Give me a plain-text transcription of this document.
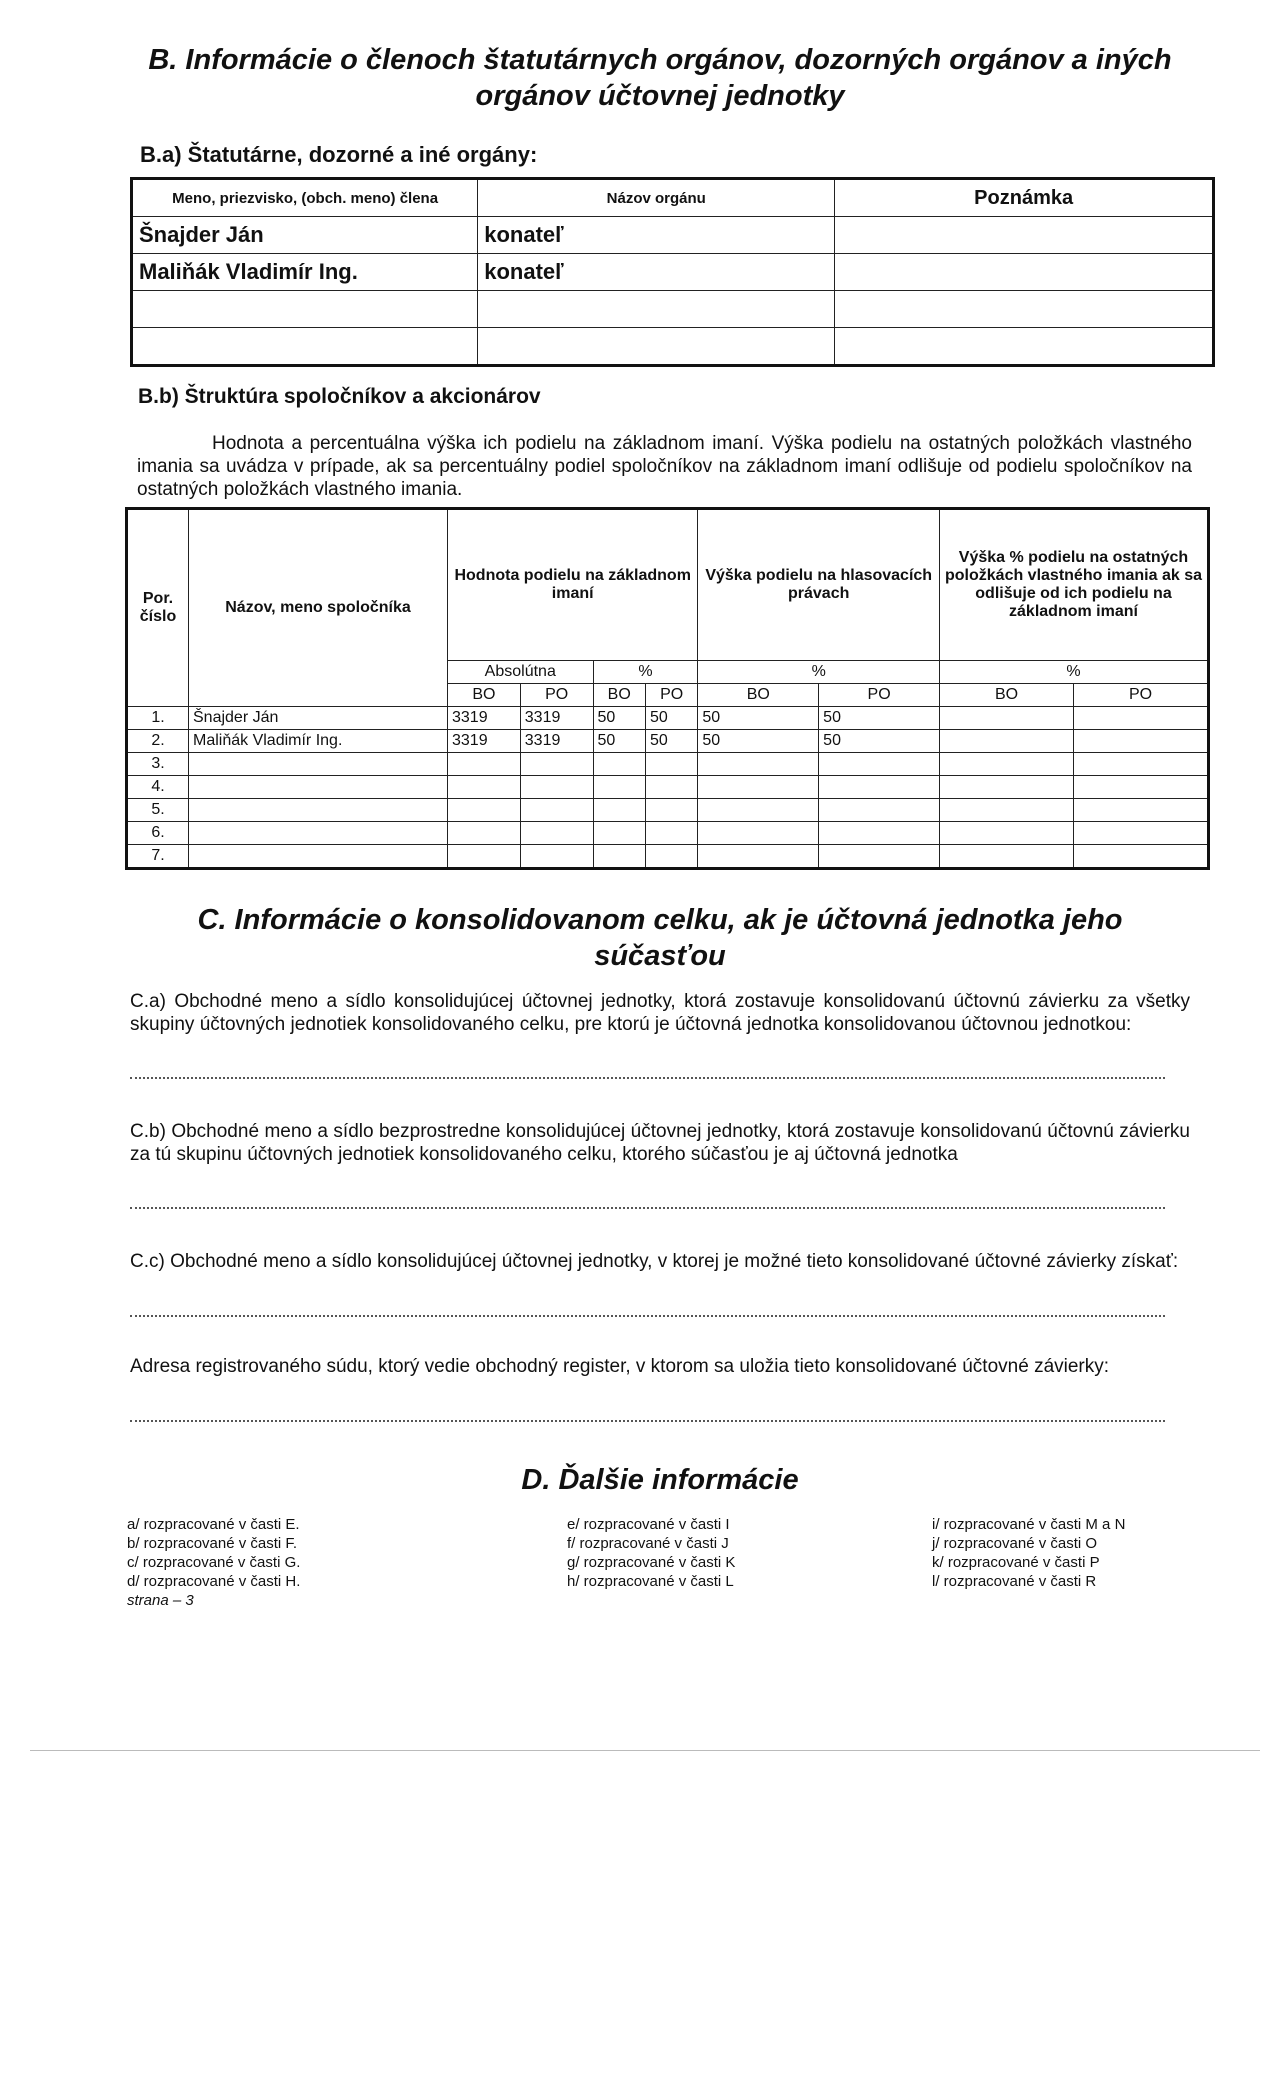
B. Informácie o členoch štatutárnych orgánov, dozorných orgánov a iných orgánov účtovnej jednotky
B.a) Štatutárne, dozorné a iné orgány:
Meno, priezvisko, (obch. meno) člena	Názov orgánu	Poznámka
Šnajder Ján	konateľ	
Maliňák Vladimír Ing.	konateľ	

B.b) Štruktúra spoločníkov a akcionárov
Hodnota a percentuálna výška ich podielu na základnom imaní. Výška podielu na ostatných položkách vlastného imania sa uvádza v prípade, ak sa percentuálny podiel spoločníkov na základnom imaní odlišuje od podielu spoločníkov na ostatných položkách vlastného imania.
Por. číslo	Názov, meno spoločníka	Hodnota podielu na základnom imaní				Výška podielu na hlasovacích právach		Výška % podielu na ostatných položkách vlastného imania ak sa odlišuje od ich podielu na základnom imaní	
		Absolútna		%		%		%	
		BO	PO	BO	PO	BO	PO	BO	PO
1.	Šnajder Ján	3319	3319	50	50	50	50		
2.	Maliňák Vladimír Ing.	3319	3319	50	50	50	50		
3.									
4.									
5.									
6.									
7.									
C. Informácie o konsolidovanom celku, ak je účtovná jednotka jeho súčasťou
C.a) Obchodné meno a sídlo konsolidujúcej účtovnej jednotky, ktorá zostavuje konsolidovanú účtovnú závierku za všetky skupiny účtovných jednotiek konsolidovaného celku, pre ktorú je účtovná jednotka konsolidovanou účtovnou jednotkou:
C.b) Obchodné meno a sídlo bezprostredne konsolidujúcej účtovnej jednotky, ktorá zostavuje konsolidovanú účtovnú závierku za tú skupinu účtovných jednotiek konsolidovaného celku, ktorého súčasťou je aj účtovná jednotka
C.c) Obchodné meno a sídlo konsolidujúcej účtovnej jednotky, v ktorej je možné tieto konsolidované účtovné závierky získať:
Adresa registrovaného súdu, ktorý vedie obchodný register, v ktorom sa uložia tieto konsolidované účtovné závierky:
D. Ďalšie informácie
a/ rozpracované v časti E.
b/ rozpracované v časti F.
c/ rozpracované v časti G.
d/ rozpracované v časti H.
strana – 3
e/ rozpracované v časti I
f/ rozpracované v časti J
g/ rozpracované v časti K
h/ rozpracované v časti L
i/ rozpracované v časti M a N
j/ rozpracované v časti O
k/ rozpracované v časti P
l/ rozpracované v časti R
